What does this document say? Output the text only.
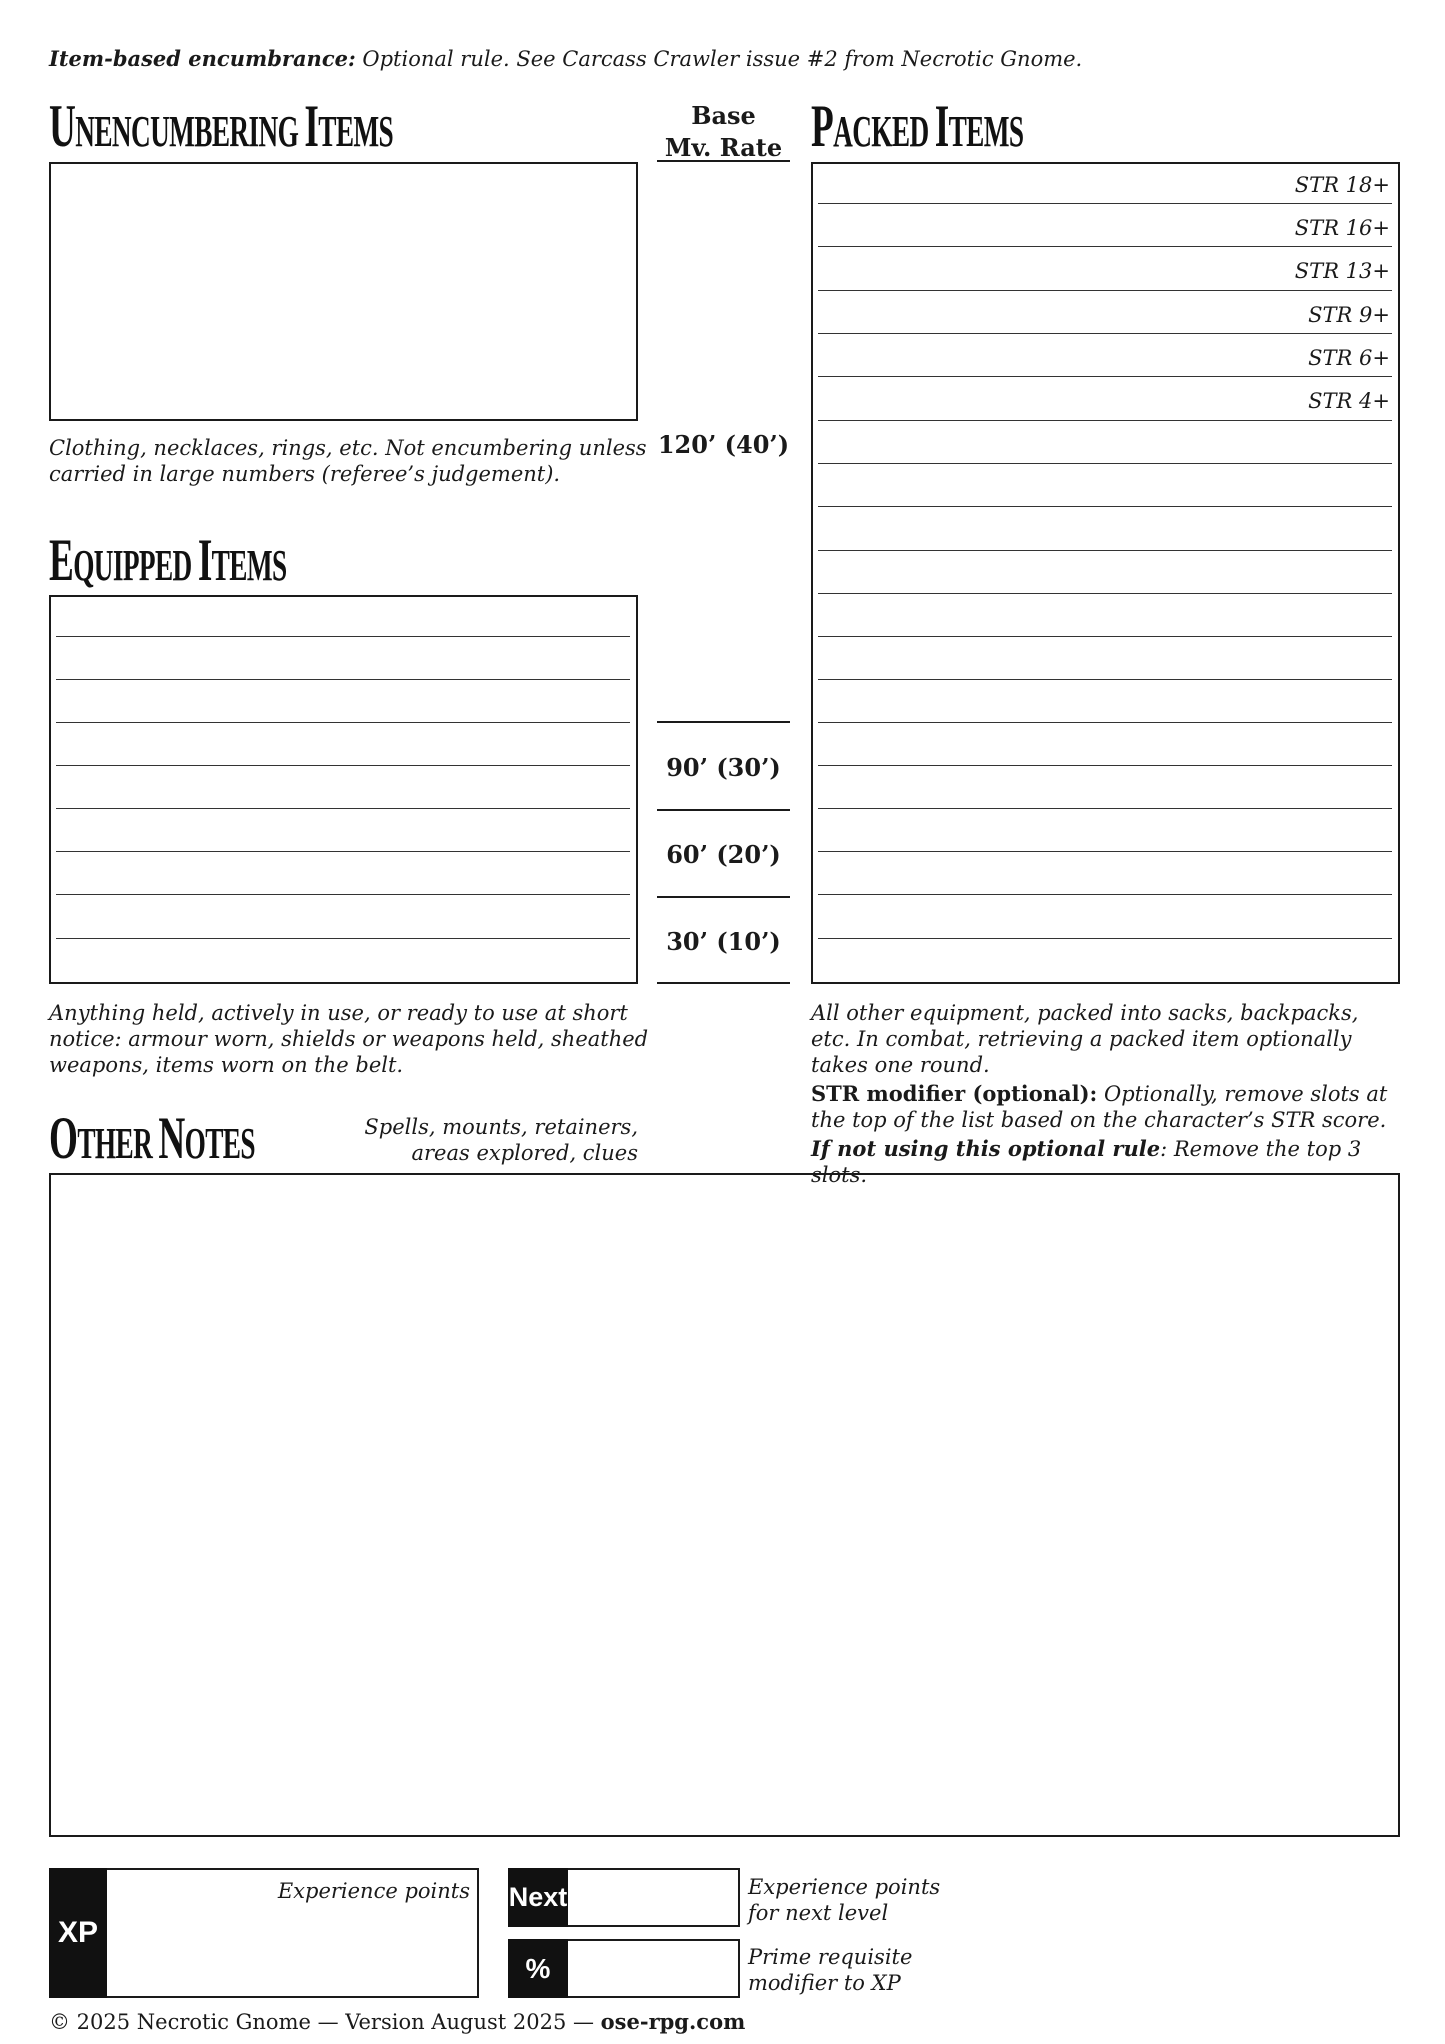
Item-based encumbrance: Optional rule. See Carcass Crawler issue #2 from Necrotic Gnome.
UNENCUMBERING ITEMS
Clothing, necklaces, rings, etc. Not encumbering unless carried in large numbers (referee’s judgement).
EQUIPPED ITEMS
Anything held, actively in use, or ready to use at short notice: armour worn, shields or weapons held, sheathed weapons, items worn on the belt.
Base
Mv. Rate
120’ (40’)
90’ (30’)
60’ (20’)
30’ (10’)
PACKED ITEMS
STR 18+
STR 16+
STR 13+
STR 9+
STR 6+
STR 4+
All other equipment, packed into sacks, backpacks, etc. In combat, retrieving a packed item optionally takes one round.
STR modifier (optional): Optionally, remove slots at the top of the list based on the character’s STR score.
If not using this optional rule: Remove the top 3 slots.
OTHER NOTES	Spells, mounts, retainers,
areas explored, clues
XP
Experience points Next	Experience points
for next level
%	Prime requisite
modifier to XP
© 2025 Necrotic Gnome — Version August 2025 — ose-rpg.com
